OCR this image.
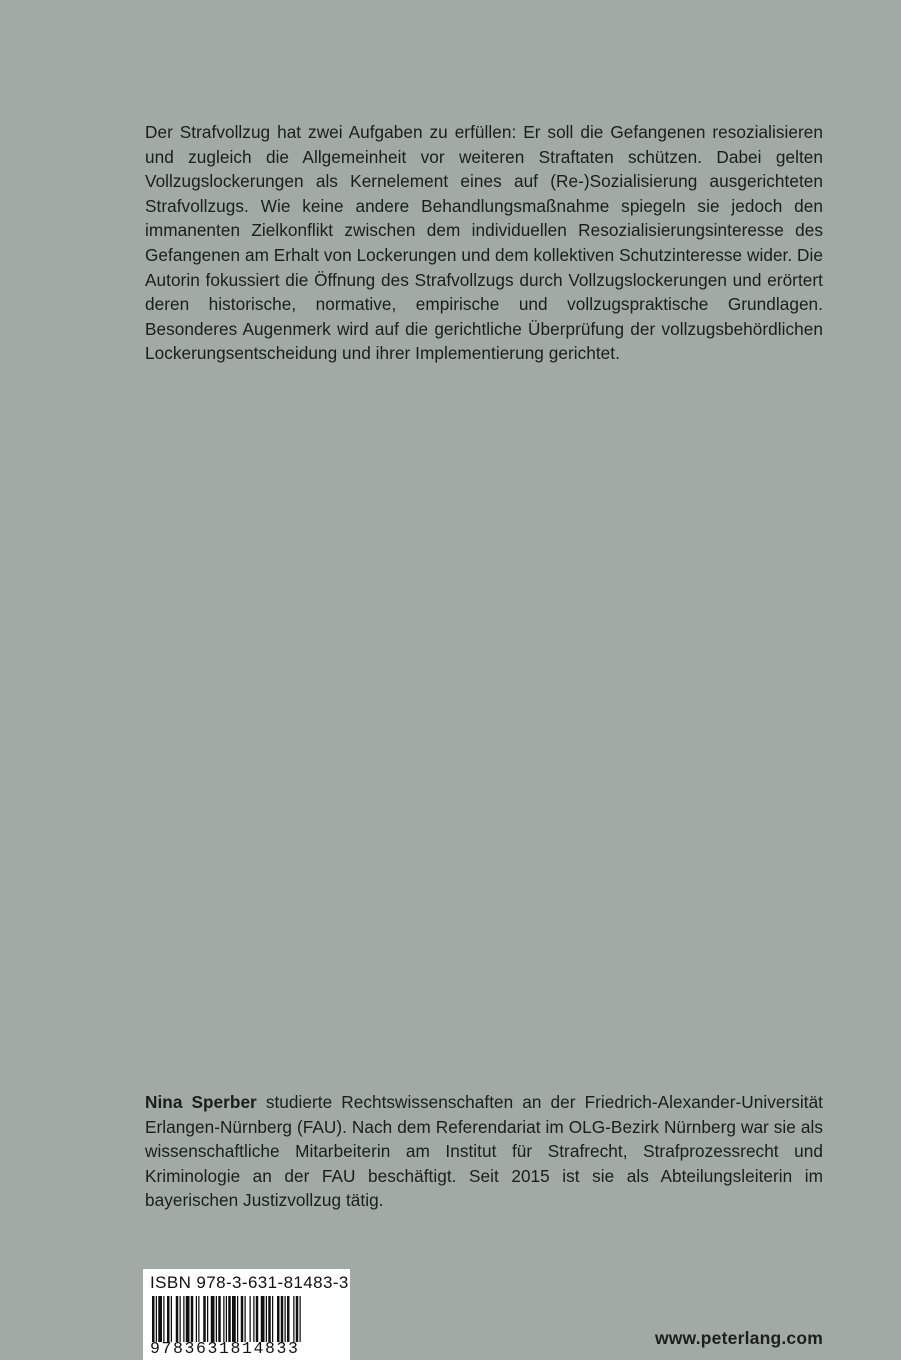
Der Strafvollzug hat zwei Aufgaben zu erfüllen: Er soll die Gefangenen resozialisieren und zugleich die Allgemeinheit vor weiteren Straftaten schützen. Dabei gelten Vollzugslockerungen als Kernelement eines auf (Re-)Sozialisierung ausgerichteten Strafvollzugs. Wie keine andere Behandlungsmaßnahme spiegeln sie jedoch den immanenten Zielkonflikt zwischen dem individuellen Resozialisierungsinteresse des Gefangenen am Erhalt von Lockerungen und dem kollektiven Schutzinteresse wider. Die Autorin fokussiert die Öffnung des Strafvollzugs durch Vollzugslockerungen und erörtert deren historische, normative, empirische und vollzugspraktische Grundlagen. Besonderes Augenmerk wird auf die gerichtliche Überprüfung der vollzugsbehördlichen Lockerungsentscheidung und ihrer Implementierung gerichtet.

Nina Sperber studierte Rechtswissenschaften an der Friedrich-Alexander-Universität Erlangen-Nürnberg (FAU). Nach dem Referendariat im OLG-Bezirk Nürnberg war sie als wissenschaftliche Mitarbeiterin am Institut für Strafrecht, Strafprozessrecht und Kriminologie an der FAU beschäftigt. Seit 2015 ist sie als Abteilungsleiterin im bayerischen Justizvollzug tätig.

ISBN 978-3-631-81483-3
9783631814833
www.peterlang.com
